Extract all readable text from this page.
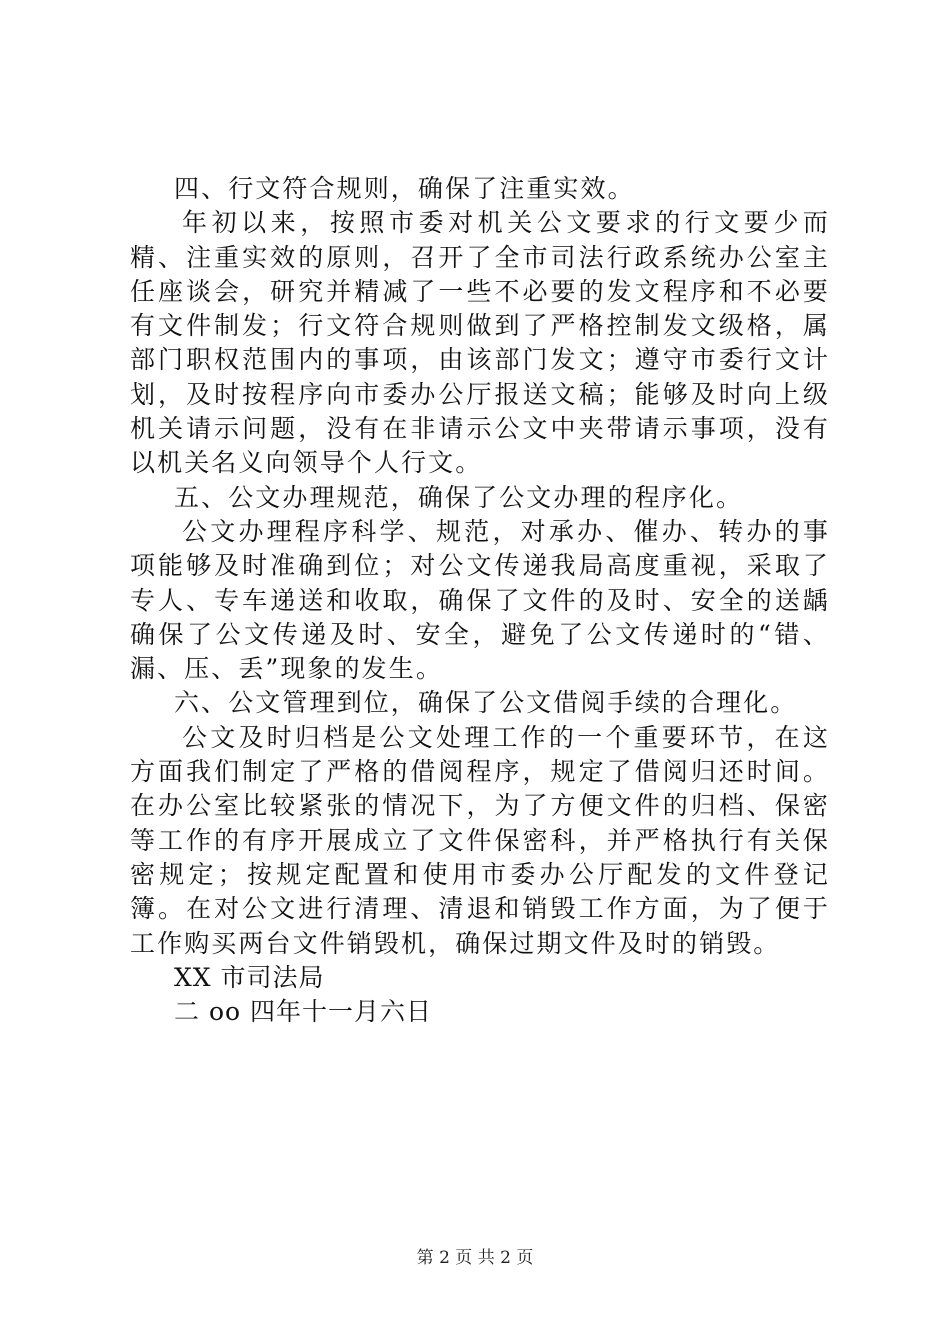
四、行文符合规则，确保了注重实效。

年初以来，按照市委对机关公文要求的行文要少而精、注重实效的原则，召开了全市司法行政系统办公室主任座谈会，研究并精减了一些不必要的发文程序和不必要有文件制发；行文符合规则做到了严格控制发文级格，属部门职权范围内的事项，由该部门发文；遵守市委行文计划，及时按程序向市委办公厅报送文稿；能够及时向上级机关请示问题，没有在非请示公文中夹带请示事项，没有以机关名义向领导个人行文。

五、公文办理规范，确保了公文办理的程序化。

公文办理程序科学、规范，对承办、催办、转办的事项能够及时准确到位；对公文传递我局高度重视，采取了专人、专车递送和收取，确保了文件的及时、安全的送龋确保了公文传递及时、安全，避免了公文传递时的“错、漏、压、丢”现象的发生。

六、公文管理到位，确保了公文借阅手续的合理化。

公文及时归档是公文处理工作的一个重要环节，在这方面我们制定了严格的借阅程序，规定了借阅归还时间。在办公室比较紧张的情况下，为了方便文件的归档、保密等工作的有序开展成立了文件保密科，并严格执行有关保密规定；按规定配置和使用市委办公厅配发的文件登记簿。在对公文进行清理、清退和销毁工作方面，为了便于工作购买两台文件销毁机，确保过期文件及时的销毁。

XX 市司法局

二 oo 四年十一月六日

第 2 页 共 2 页
